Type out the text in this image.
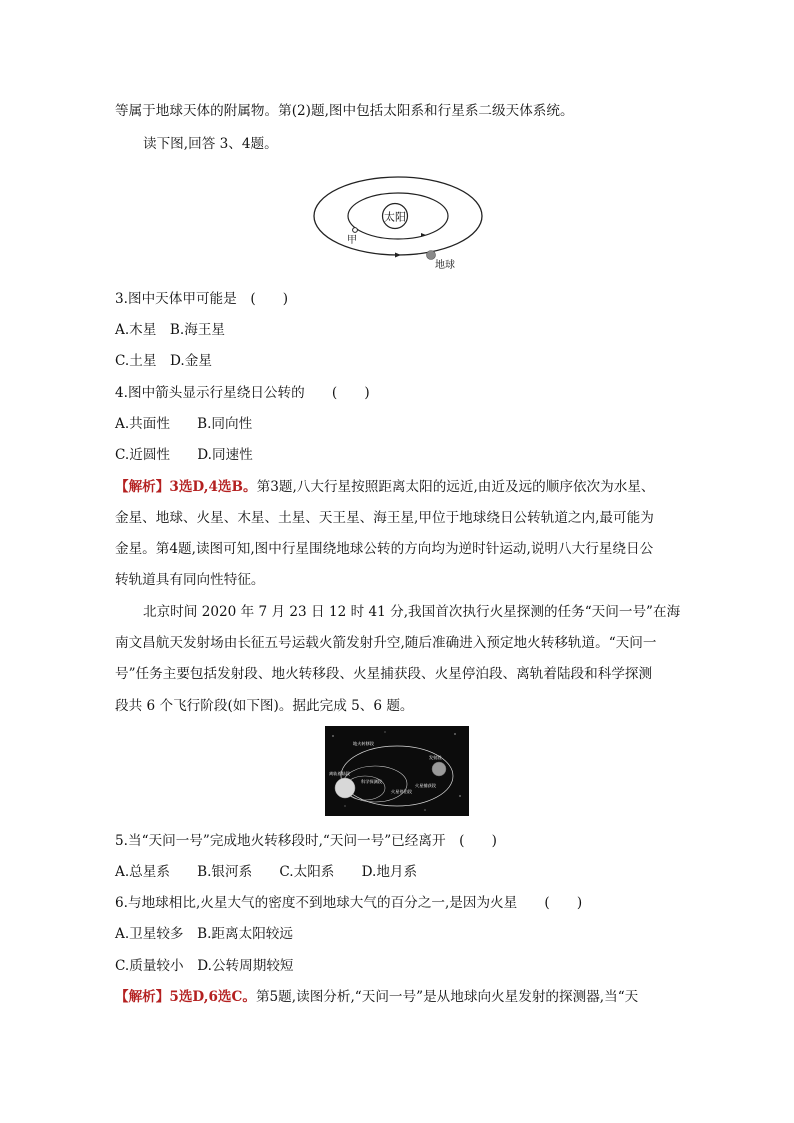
等属于地球天体的附属物。第(2)题,图中包括太阳系和行星系二级天体系统。
读下图,回答 3、4题。
太阳
甲
地球
3.图中天体甲可能是　(　　)
A.木星　B.海王星
C.土星　D.金星
4.图中箭头显示行星绕日公转的　　(　　)
A.共面性　　B.同向性
C.近圆性　　D.同速性
【解析】3选D,4选B。第3题,八大行星按照距离太阳的远近,由近及远的顺序依次为水星、
金星、地球、火星、木星、土星、天王星、海王星,甲位于地球绕日公转轨道之内,最可能为
金星。第4题,读图可知,图中行星围绕地球公转的方向均为逆时针运动,说明八大行星绕日公
转轨道具有同向性特征。
北京时间 2020 年 7 月 23 日 12 时 41 分,我国首次执行火星探测的任务“天问一号”在海
南文昌航天发射场由长征五号运载火箭发射升空,随后准确进入预定地火转移轨道。“天问一
号”任务主要包括发射段、地火转移段、火星捕获段、火星停泊段、离轨着陆段和科学探测
段共 6 个飞行阶段(如下图)。据此完成 5、6 题。
地火转移段
发射段
离轨着陆段
科学探测段
火星捕获段
火星停泊段
5.当“天问一号”完成地火转移段时,“天问一号”已经离开　(　　)
A.总星系　　B.银河系　　C.太阳系　　D.地月系
6.与地球相比,火星大气的密度不到地球大气的百分之一,是因为火星　　(　　)
A.卫星较多　B.距离太阳较远
C.质量较小　D.公转周期较短
【解析】5选D,6选C。第5题,读图分析,“天问一号”是从地球向火星发射的探测器,当“天
